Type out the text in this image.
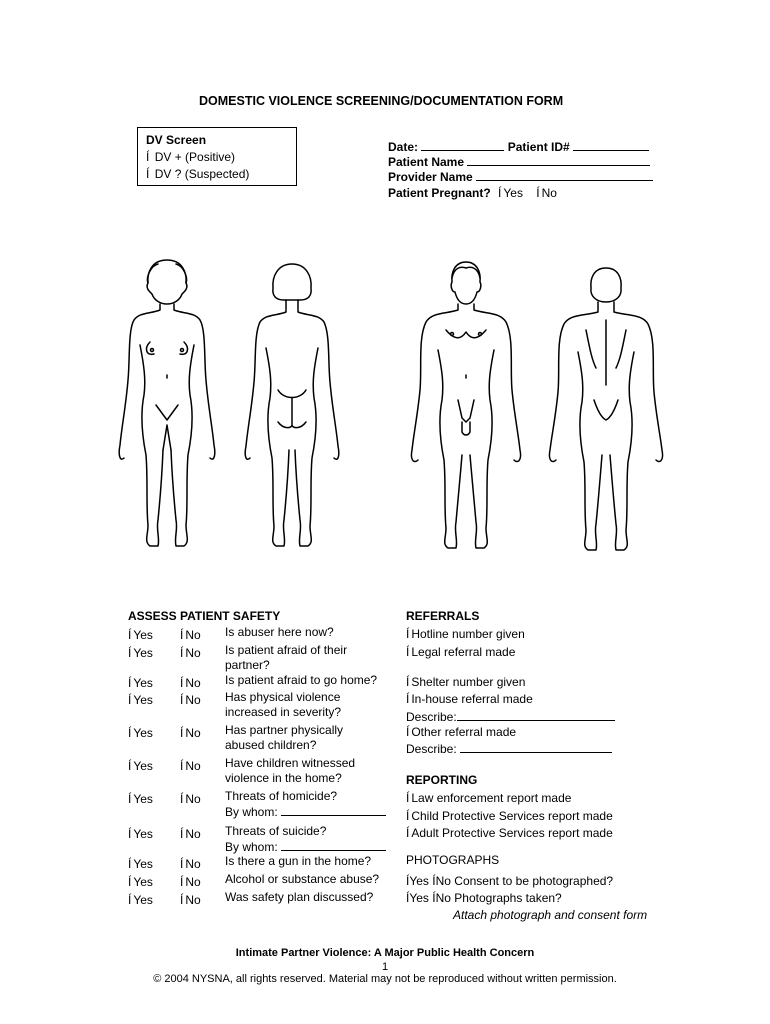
DOMESTIC VIOLENCE SCREENING/DOCUMENTATION FORM
DV Screen
Í DV + (Positive)
Í DV ? (Suspected)
Date:	Patient ID#
Patient Name
Provider Name
Patient Pregnant? Í Yes Í No
ASSESS PATIENT SAFETY
Í Yes Í No Is abuser here now?
Í Yes Í No Is patient afraid of their
partner?
Í Yes Í No Is patient afraid to go home?
Í Yes Í No Has physical violence
increased in severity?
Í Yes Í No Has partner physically
abused children?
Í Yes Í No Have children witnessed
violence in the home?
Í Yes Í No Threats of homicide?
By whom:
Í Yes Í No Threats of suicide?
By whom:
Í Yes Í No Is there a gun in the home?
Í Yes Í No Alcohol or substance abuse?
Í Yes Í No Was safety plan discussed?
REFERRALS
Í Hotline number given
Í Legal referral made
Í Shelter number given
Í In-house referral made
Describe:
Í Other referral made
Describe:
REPORTING
Í Law enforcement report made
Í Child Protective Services report made
Í Adult Protective Services report made
PHOTOGRAPHS
ÍYes ÍNo Consent to be photographed?
ÍYes ÍNo Photographs taken?
Attach photograph and consent form
Intimate Partner Violence: A Major Public Health Concern
1
© 2004 NYSNA, all rights reserved. Material may not be reproduced without written permission.
